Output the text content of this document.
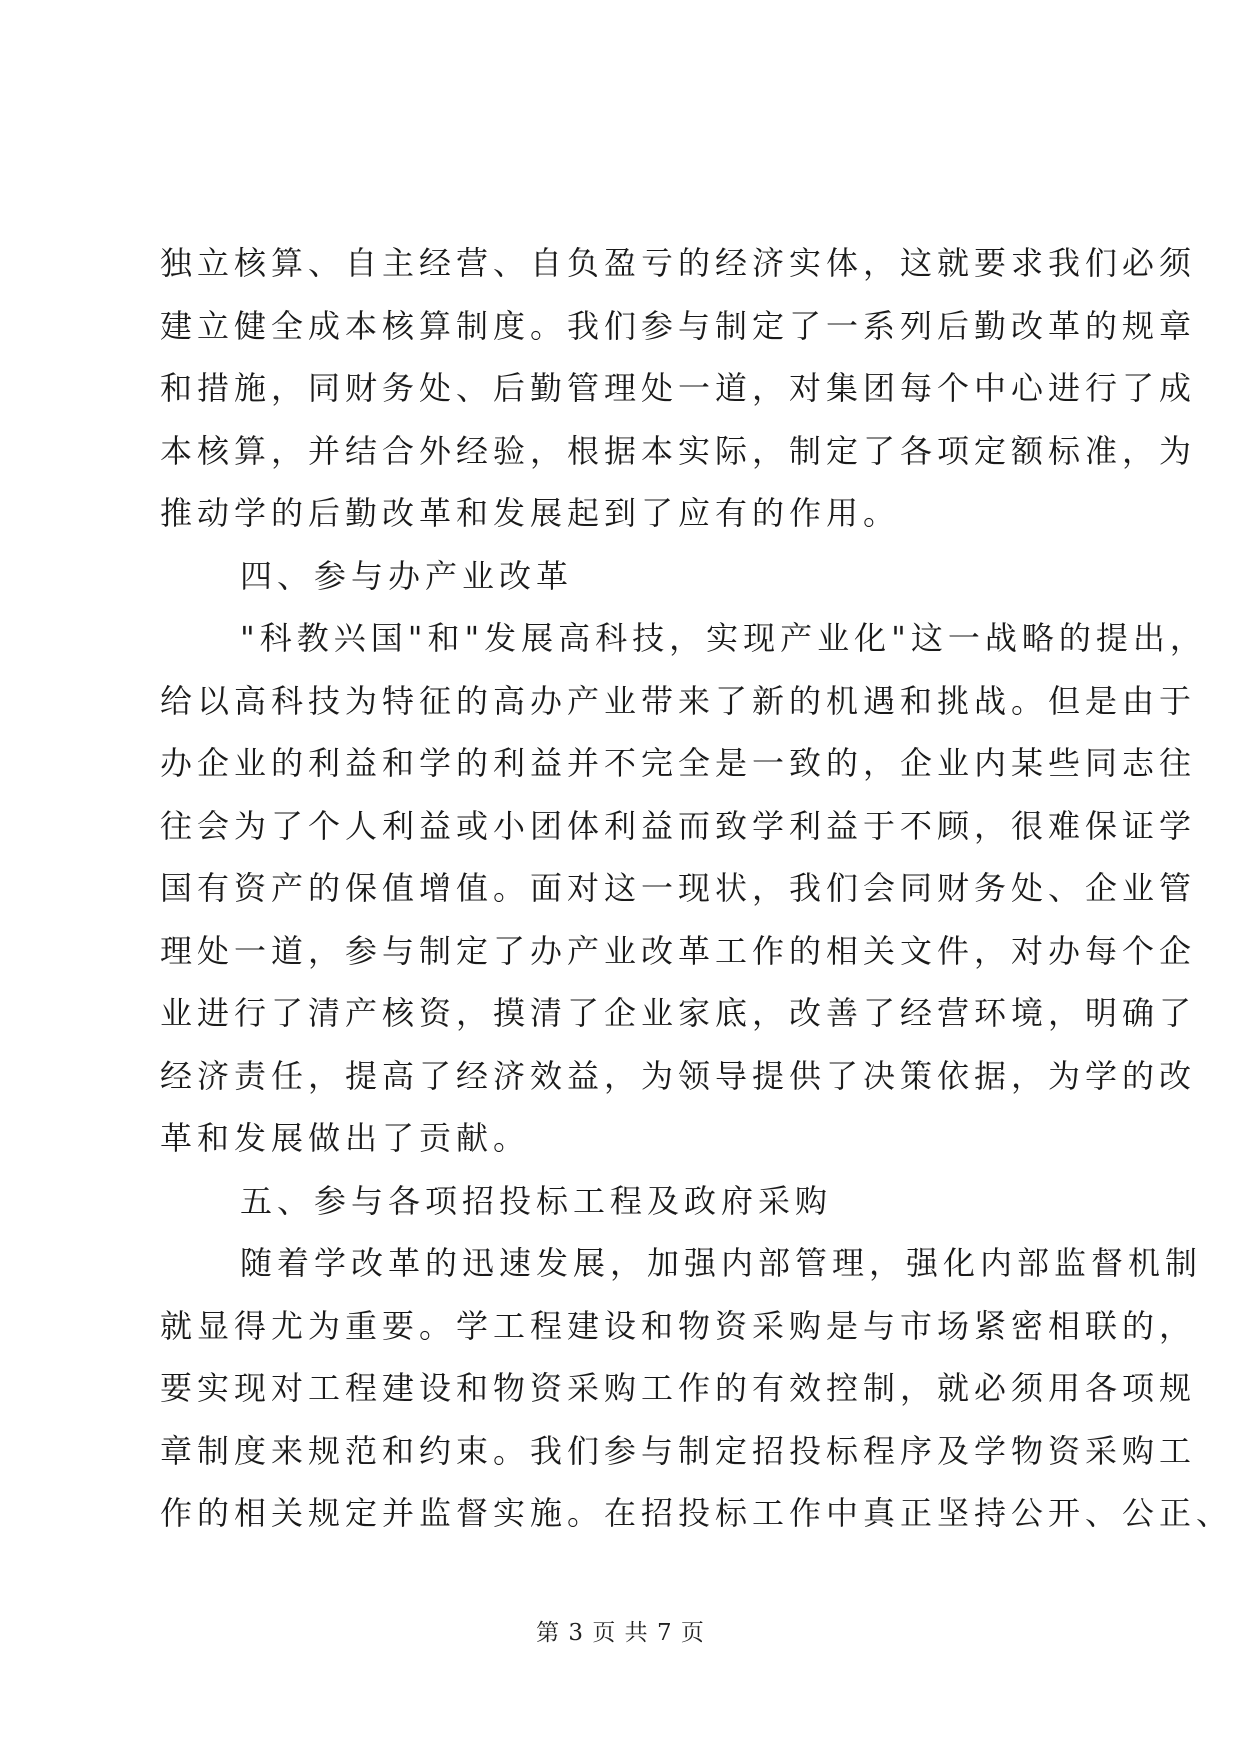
独立核算、自主经营、自负盈亏的经济实体，这就要求我们必须
建立健全成本核算制度。我们参与制定了一系列后勤改革的规章
和措施，同财务处、后勤管理处一道，对集团每个中心进行了成
本核算，并结合外经验，根据本实际，制定了各项定额标准，为
推动学的后勤改革和发展起到了应有的作用。
四、参与办产业改革
"科教兴国"和"发展高科技，实现产业化"这一战略的提出，
给以高科技为特征的高办产业带来了新的机遇和挑战。但是由于
办企业的利益和学的利益并不完全是一致的，企业内某些同志往
往会为了个人利益或小团体利益而致学利益于不顾，很难保证学
国有资产的保值增值。面对这一现状，我们会同财务处、企业管
理处一道，参与制定了办产业改革工作的相关文件，对办每个企
业进行了清产核资，摸清了企业家底，改善了经营环境，明确了
经济责任，提高了经济效益，为领导提供了决策依据，为学的改
革和发展做出了贡献。
五、参与各项招投标工程及政府采购
随着学改革的迅速发展，加强内部管理，强化内部监督机制
就显得尤为重要。学工程建设和物资采购是与市场紧密相联的，
要实现对工程建设和物资采购工作的有效控制，就必须用各项规
章制度来规范和约束。我们参与制定招投标程序及学物资采购工
作的相关规定并监督实施。在招投标工作中真正坚持公开、公正、
第 3 页 共 7 页
